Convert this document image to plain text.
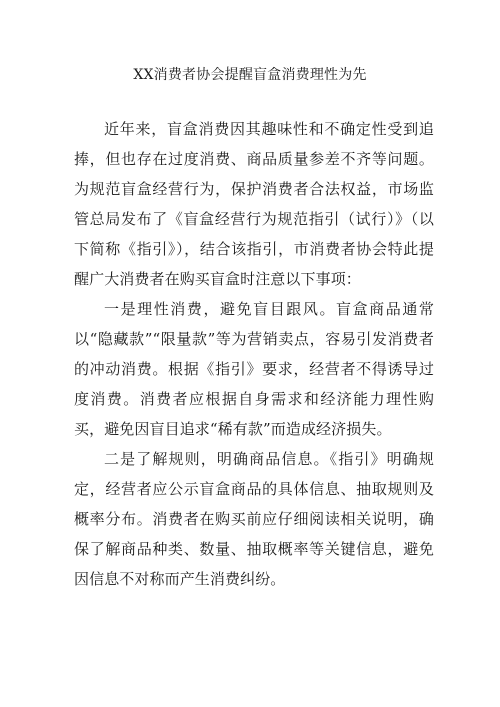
XX消费者协会提醒盲盒消费理性为先

近年来，盲盒消费因其趣味性和不确定性受到追捧，但也存在过度消费、商品质量参差不齐等问题。为规范盲盒经营行为，保护消费者合法权益，市场监管总局发布了《盲盒经营行为规范指引（试行）》（以下简称《指引》），结合该指引，市消费者协会特此提醒广大消费者在购买盲盒时注意以下事项：

一是理性消费，避免盲目跟风。盲盒商品通常以“隐藏款”“限量款”等为营销卖点，容易引发消费者的冲动消费。根据《指引》要求，经营者不得诱导过度消费。消费者应根据自身需求和经济能力理性购买，避免因盲目追求“稀有款”而造成经济损失。

二是了解规则，明确商品信息。《指引》明确规定，经营者应公示盲盒商品的具体信息、抽取规则及概率分布。消费者在购买前应仔细阅读相关说明，确保了解商品种类、数量、抽取概率等关键信息，避免因信息不对称而产生消费纠纷。
